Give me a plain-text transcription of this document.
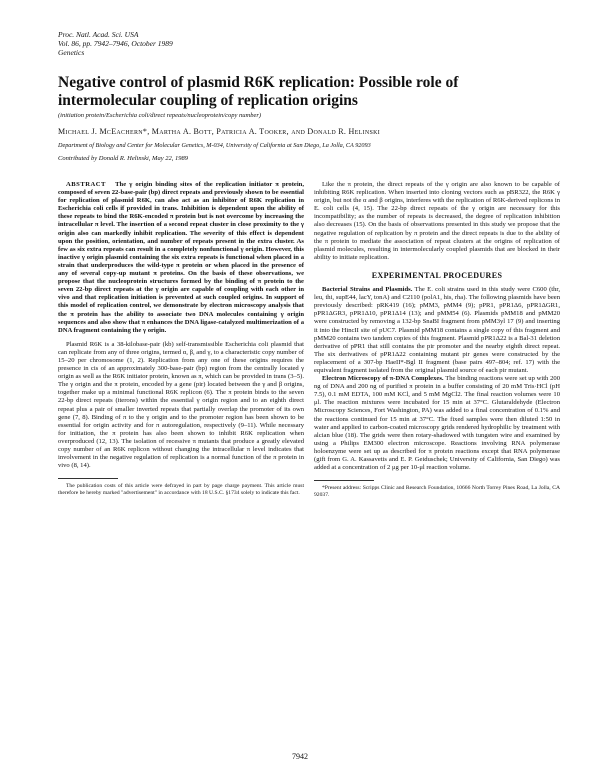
Proc. Natl. Acad. Sci. USA
Vol. 86, pp. 7942–7946, October 1989
Genetics
Negative control of plasmid R6K replication: Possible role of intermolecular coupling of replication origins
(initiation protein/Escherichia coli/direct repeats/nucleoprotein/copy number)
Michael J. McEachern*, Martha A. Bott, Patricia A. Tooker, and Donald R. Helinski
Department of Biology and Center for Molecular Genetics, M-034, University of California at San Diego, La Jolla, CA 92093
Contributed by Donald R. Helinski, May 22, 1989

ABSTRACT The γ origin binding sites of the replication initiator π protein, composed of seven 22-base-pair (bp) direct repeats and previously shown to be essential for replication of plasmid R6K, can also act as an inhibitor of R6K replication in Escherichia coli cells if provided in trans. Inhibition is dependent upon the ability of these repeats to bind the R6K-encoded π protein but is not overcome by increasing the intracellular π level. The insertion of a second repeat cluster in close proximity to the γ origin also can markedly inhibit replication. The severity of this effect is dependent upon the position, orientation, and number of repeats present in the extra cluster. As few as six extra repeats can result in a completely nonfunctional γ origin. However, this inactive γ origin plasmid containing the six extra repeats is functional when placed in a strain that underproduces the wild-type π protein or when placed in the presence of any of several copy-up mutant π proteins. On the basis of these observations, we propose that the nucleoprotein structures formed by the binding of π protein to the seven 22-bp direct repeats at the γ origin are capable of coupling with each other in vivo and that replication initiation is prevented at such coupled origins. In support of this model of replication control, we demonstrate by electron microscopy analysis that the π protein has the ability to associate two DNA molecules containing γ origin sequences and also show that π enhances the DNA ligase-catalyzed multimerization of a DNA fragment containing the γ origin.

Plasmid R6K is a 38-kilobase-pair (kb) self-transmissible Escherichia coli plasmid that can replicate from any of three origins, termed α, β, and γ, to a characteristic copy number of 15–20 per chromosome (1, 2). Replication from any one of these origins requires the presence in cis of an approximately 300-base-pair (bp) region from the centrally located γ origin as well as the R6K initiator protein, known as π, which can be provided in trans (3–5). The γ origin and the π protein, encoded by a gene (pir) located between the γ and β origins, together make up a minimal functional R6K replicon (6). The π protein binds to the seven 22-bp direct repeats (iterons) within the essential γ origin region and to an eighth direct repeat plus a pair of smaller inverted repeats that partially overlap the promoter of its own gene (7, 8). Binding of π to the γ origin and to the promoter region has been shown to be essential for origin activity and for π autoregulation, respectively (9–11). While necessary for initiation, the π protein has also been shown to inhibit R6K replication when overproduced (12, 13). The isolation of recessive π mutants that produce a greatly elevated copy number of an R6K replicon without changing the intracellular π level indicates that involvement in the negative regulation of replication is a normal function of the π protein in vivo (8, 14).

The publication costs of this article were defrayed in part by page charge payment. This article must therefore be hereby marked "advertisement" in accordance with 18 U.S.C. §1734 solely to indicate this fact.

Like the π protein, the direct repeats of the γ origin are also known to be capable of inhibiting R6K replication. When inserted into cloning vectors such as pBR322, the R6K γ origin, but not the α and β origins, interferes with the replication of R6K-derived replicons in E. coli cells (4, 15). The 22-bp direct repeats of the γ origin are necessary for this incompatibility; as the number of repeats is decreased, the degree of replication inhibition also decreases (15). On the basis of observations presented in this study we propose that the negative regulation of replication by π protein and the direct repeats is due to the ability of the π protein to mediate the association of repeat clusters at the origins of replication of plasmid molecules, resulting in intermolecularly coupled plasmids that are blocked in their ability to initiate replication.

EXPERIMENTAL PROCEDURES

Bacterial Strains and Plasmids. The E. coli strains used in this study were C600 (thr, leu, thi, supE44, lacY, tonA) and C2110 (polA1, his, rha). The following plasmids have been previously described: pRK419 (16); pMM3, pMM4 (9); pPR1, pPR1Δ6, pPR1ΔGR1, pPR1ΔGR3, pPR1Δ10, pPR1Δ14 (13); and pMM54 (6). Plasmids pMM18 and pMM20 were constructed by removing a 132-bp SnaBI fragment from pMM3yl 17 (9) and inserting it into the HincII site of pUC7. Plasmid pMM18 contains a single copy of this fragment and pMM20 contains two tandem copies of this fragment. Plasmid pPR1Δ22 is a Bal-31 deletion derivative of pPR1 that still contains the pir promoter and the nearby eighth direct repeat. The six derivatives of pPR1Δ22 containing mutant pir genes were constructed by the replacement of a 307-bp HaeII*-Bgl II fragment (base pairs 497–804; ref. 17) with the equivalent fragment isolated from the original plasmid source of each pir mutant.

Electron Microscopy of π-DNA Complexes. The binding reactions were set up with 200 ng of DNA and 200 ng of purified π protein in a buffer consisting of 20 mM Tris·HCl (pH 7.5), 0.1 mM EDTA, 100 mM KCl, and 5 mM MgCl2. The final reaction volumes were 10 μl. The reaction mixtures were incubated for 15 min at 37°C. Glutaraldehyde (Electron Microscopy Sciences, Fort Washington, PA) was added to a final concentration of 0.1% and the reactions continued for 15 min at 37°C. The fixed samples were then diluted 1:50 in water and applied to carbon-coated microscopy grids rendered hydrophilic by treatment with alcian blue (18). The grids were then rotary-shadowed with tungsten wire and examined by using a Philips EM300 electron microscope. Reactions involving RNA polymerase holoenzyme were set up as described for π protein reactions except that RNA polymerase (gift from G. A. Kassavetis and E. P. Geiduschek; University of California, San Diego) was added at a concentration of 2 μg per 10-μl reaction volume.

*Present address: Scripps Clinic and Research Foundation, 10666 North Torrey Pines Road, La Jolla, CA 92037.

7942
